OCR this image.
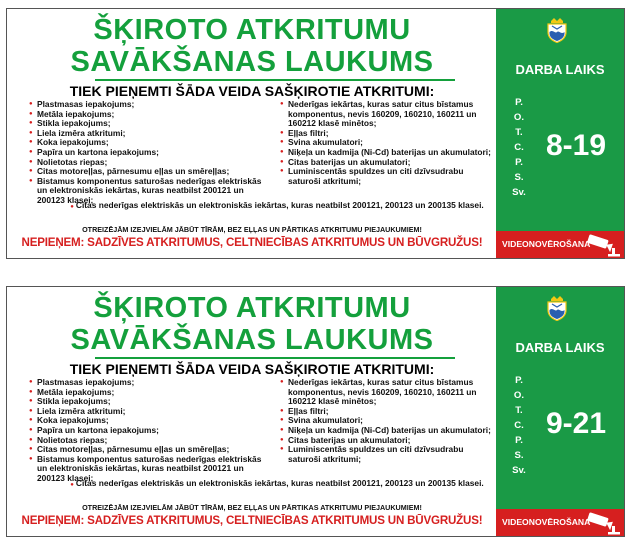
ŠĶIROTO ATKRITUMU
SAVĀKŠANAS LAUKUMS
TIEK PIEŅEMTI ŠĀDA VEIDA SAŠĶIROTIE ATKRITUMI:
● Plastmasas iepakojums;
● Metāla iepakojums;
● Stikla iepakojums;
● Liela izmēra atkritumi;
● Koka iepakojums;
● Papīra un kartona iepakojums;
● Nolietotas riepas;
● Citas motoreļļas, pārnesumu eļļas un smēreļļas;
● Bistamus komponentus saturošas nederīgas elektriskās un elektroniskās iekārtas, kuras neatbilst 200121 un 200123 klasei;
● Nederīgas iekārtas, kuras satur citus bīstamus komponentus, nevis 160209, 160210, 160211 un 160212 klasē minētos;
● Eļļas filtri;
● Svina akumulatori;
● Niķeļa un kadmija (Ni-Cd) baterijas un akumulatori;
● Citas baterijas un akumulatori;
● Luminiscentās spuldzes un citi dzīvsudrabu saturoši atkritumi;
● Citas nederīgas elektriskās un elektroniskās iekārtas, kuras neatbilst 200121, 200123 un 200135 klasei.
OTREIZĒJĀM IZEJVIELĀM JĀBŪT TĪRĀM, BEZ EĻĻAS UN PĀRTIKAS ATKRITUMU PIEJAUKUMIEM!
NEPIEŅEM: SADZĪVES ATKRITUMUS, CELTNIECĪBAS ATKRITUMUS UN BŪVGRUŽUS!
DARBA LAIKS
P.
O.
T.
C.
P.
S.
Sv.
8-19
VIDEONOVĒROŠANA
ŠĶIROTO ATKRITUMU
SAVĀKŠANAS LAUKUMS
TIEK PIEŅEMTI ŠĀDA VEIDA SAŠĶIROTIE ATKRITUMI:
● Plastmasas iepakojums;
● Metāla iepakojums;
● Stikla iepakojums;
● Liela izmēra atkritumi;
● Koka iepakojums;
● Papīra un kartona iepakojums;
● Nolietotas riepas;
● Citas motoreļļas, pārnesumu eļļas un smēreļļas;
● Bistamus komponentus saturošas nederīgas elektriskās un elektroniskās iekārtas, kuras neatbilst 200121 un 200123 klasei;
● Nederīgas iekārtas, kuras satur citus bīstamus komponentus, nevis 160209, 160210, 160211 un 160212 klasē minētos;
● Eļļas filtri;
● Svina akumulatori;
● Niķeļa un kadmija (Ni-Cd) baterijas un akumulatori;
● Citas baterijas un akumulatori;
● Luminiscentās spuldzes un citi dzīvsudrabu saturoši atkritumi;
● Citas nederīgas elektriskās un elektroniskās iekārtas, kuras neatbilst 200121, 200123 un 200135 klasei.
OTREIZĒJĀM IZEJVIELĀM JĀBŪT TĪRĀM, BEZ EĻĻAS UN PĀRTIKAS ATKRITUMU PIEJAUKUMIEM!
NEPIEŅEM: SADZĪVES ATKRITUMUS, CELTNIECĪBAS ATKRITUMUS UN BŪVGRUŽUS!
DARBA LAIKS
P.
O.
T.
C.
P.
S.
Sv.
9-21
VIDEONOVĒROŠANA
